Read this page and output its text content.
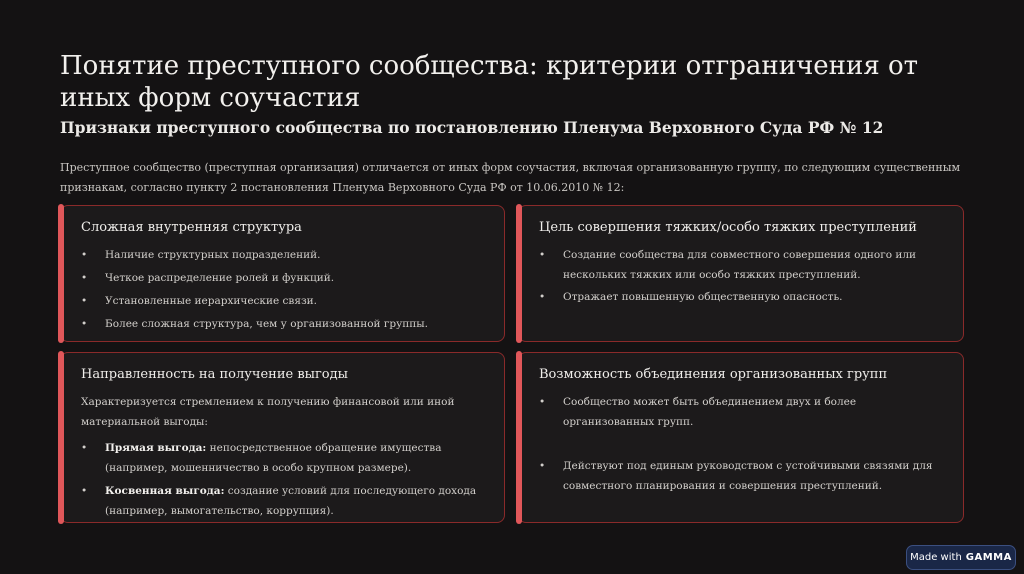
Понятие преступного сообщества: критерии отграничения от иных форм соучастия
Признаки преступного сообщества по постановлению Пленума Верховного Суда РФ № 12

Преступное сообщество (преступная организация) отличается от иных форм соучастия, включая организованную группу, по следующим существенным признакам, согласно пункту 2 постановления Пленума Верховного Суда РФ от 10.06.2010 № 12:

Сложная внутренняя структура
• Наличие структурных подразделений.
• Четкое распределение ролей и функций.
• Установленные иерархические связи.
• Более сложная структура, чем у организованной группы.
Цель совершения тяжких/особо тяжких преступлений
• Создание сообщества для совместного совершения одного или нескольких тяжких или особо тяжких преступлений.
• Отражает повышенную общественную опасность.
Направленность на получение выгоды

Характеризуется стремлением к получению финансовой или иной материальной выгоды:

• Прямая выгода: непосредственное обращение имущества (например, мошенничество в особо крупном размере).
• Косвенная выгода: создание условий для последующего дохода (например, вымогательство, коррупция).
Возможность объединения организованных групп
• Сообщество может быть объединением двух и более организованных групп.
• Действуют под единым руководством с устойчивыми связями для совместного планирования и совершения преступлений.
Made with GAMMA
